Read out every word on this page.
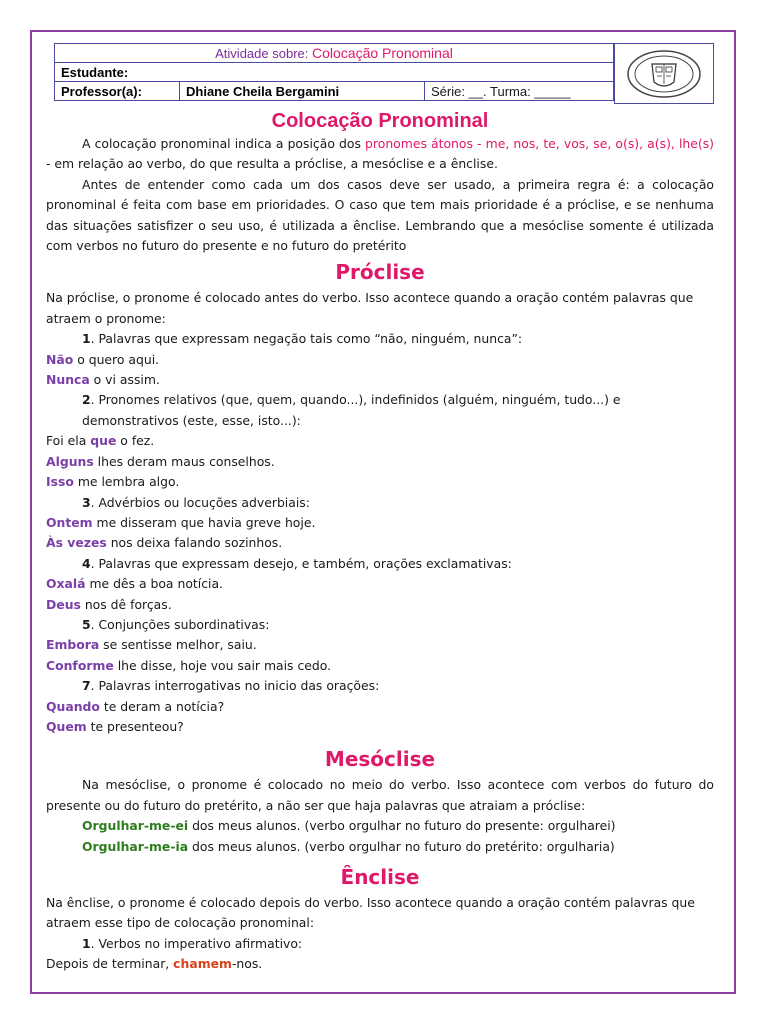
Atividade sobre: Colocação Pronominal
Estudante:
Professor(a):	Dhiane Cheila Bergamini	Série: __. Turma: _____

Colocação Pronominal

A colocação pronominal indica a posição dos pronomes átonos - me, nos, te, vos, se, o(s), a(s), lhe(s) - em relação ao verbo, do que resulta a próclise, a mesóclise e a ênclise.

Antes de entender como cada um dos casos deve ser usado, a primeira regra é: a colocação pronominal é feita com base em prioridades. O caso que tem mais prioridade é a próclise, e se nenhuma das situações satisfizer o seu uso, é utilizada a ênclise. Lembrando que a mesóclise somente é utilizada com verbos no futuro do presente e no futuro do pretérito

Próclise

Na próclise, o pronome é colocado antes do verbo. Isso acontece quando a oração contém palavras que atraem o pronome:

1. Palavras que expressam negação tais como “não, ninguém, nunca”:

Não o quero aqui.

Nunca o vi assim.

2. Pronomes relativos (que, quem, quando...), indefinidos (alguém, ninguém, tudo...) e demonstrativos (este, esse, isto...):

Foi ela que o fez.

Alguns lhes deram maus conselhos.

Isso me lembra algo.

3. Advérbios ou locuções adverbiais:

Ontem me disseram que havia greve hoje.

Às vezes nos deixa falando sozinhos.

4. Palavras que expressam desejo, e também, orações exclamativas:

Oxalá me dês a boa notícia.

Deus nos dê forças.

5. Conjunções subordinativas:

Embora se sentisse melhor, saiu.

Conforme lhe disse, hoje vou sair mais cedo.

7. Palavras interrogativas no inicio das orações:

Quando te deram a notícia?

Quem te presenteou?

Mesóclise

Na mesóclise, o pronome é colocado no meio do verbo. Isso acontece com verbos do futuro do presente ou do futuro do pretérito, a não ser que haja palavras que atraiam a próclise:

Orgulhar-me-ei dos meus alunos. (verbo orgulhar no futuro do presente: orgulharei)

Orgulhar-me-ia dos meus alunos. (verbo orgulhar no futuro do pretérito: orgulharia)

Ênclise

Na ênclise, o pronome é colocado depois do verbo. Isso acontece quando a oração contém palavras que atraem esse tipo de colocação pronominal:

1. Verbos no imperativo afirmativo:

Depois de terminar, chamem-nos.
